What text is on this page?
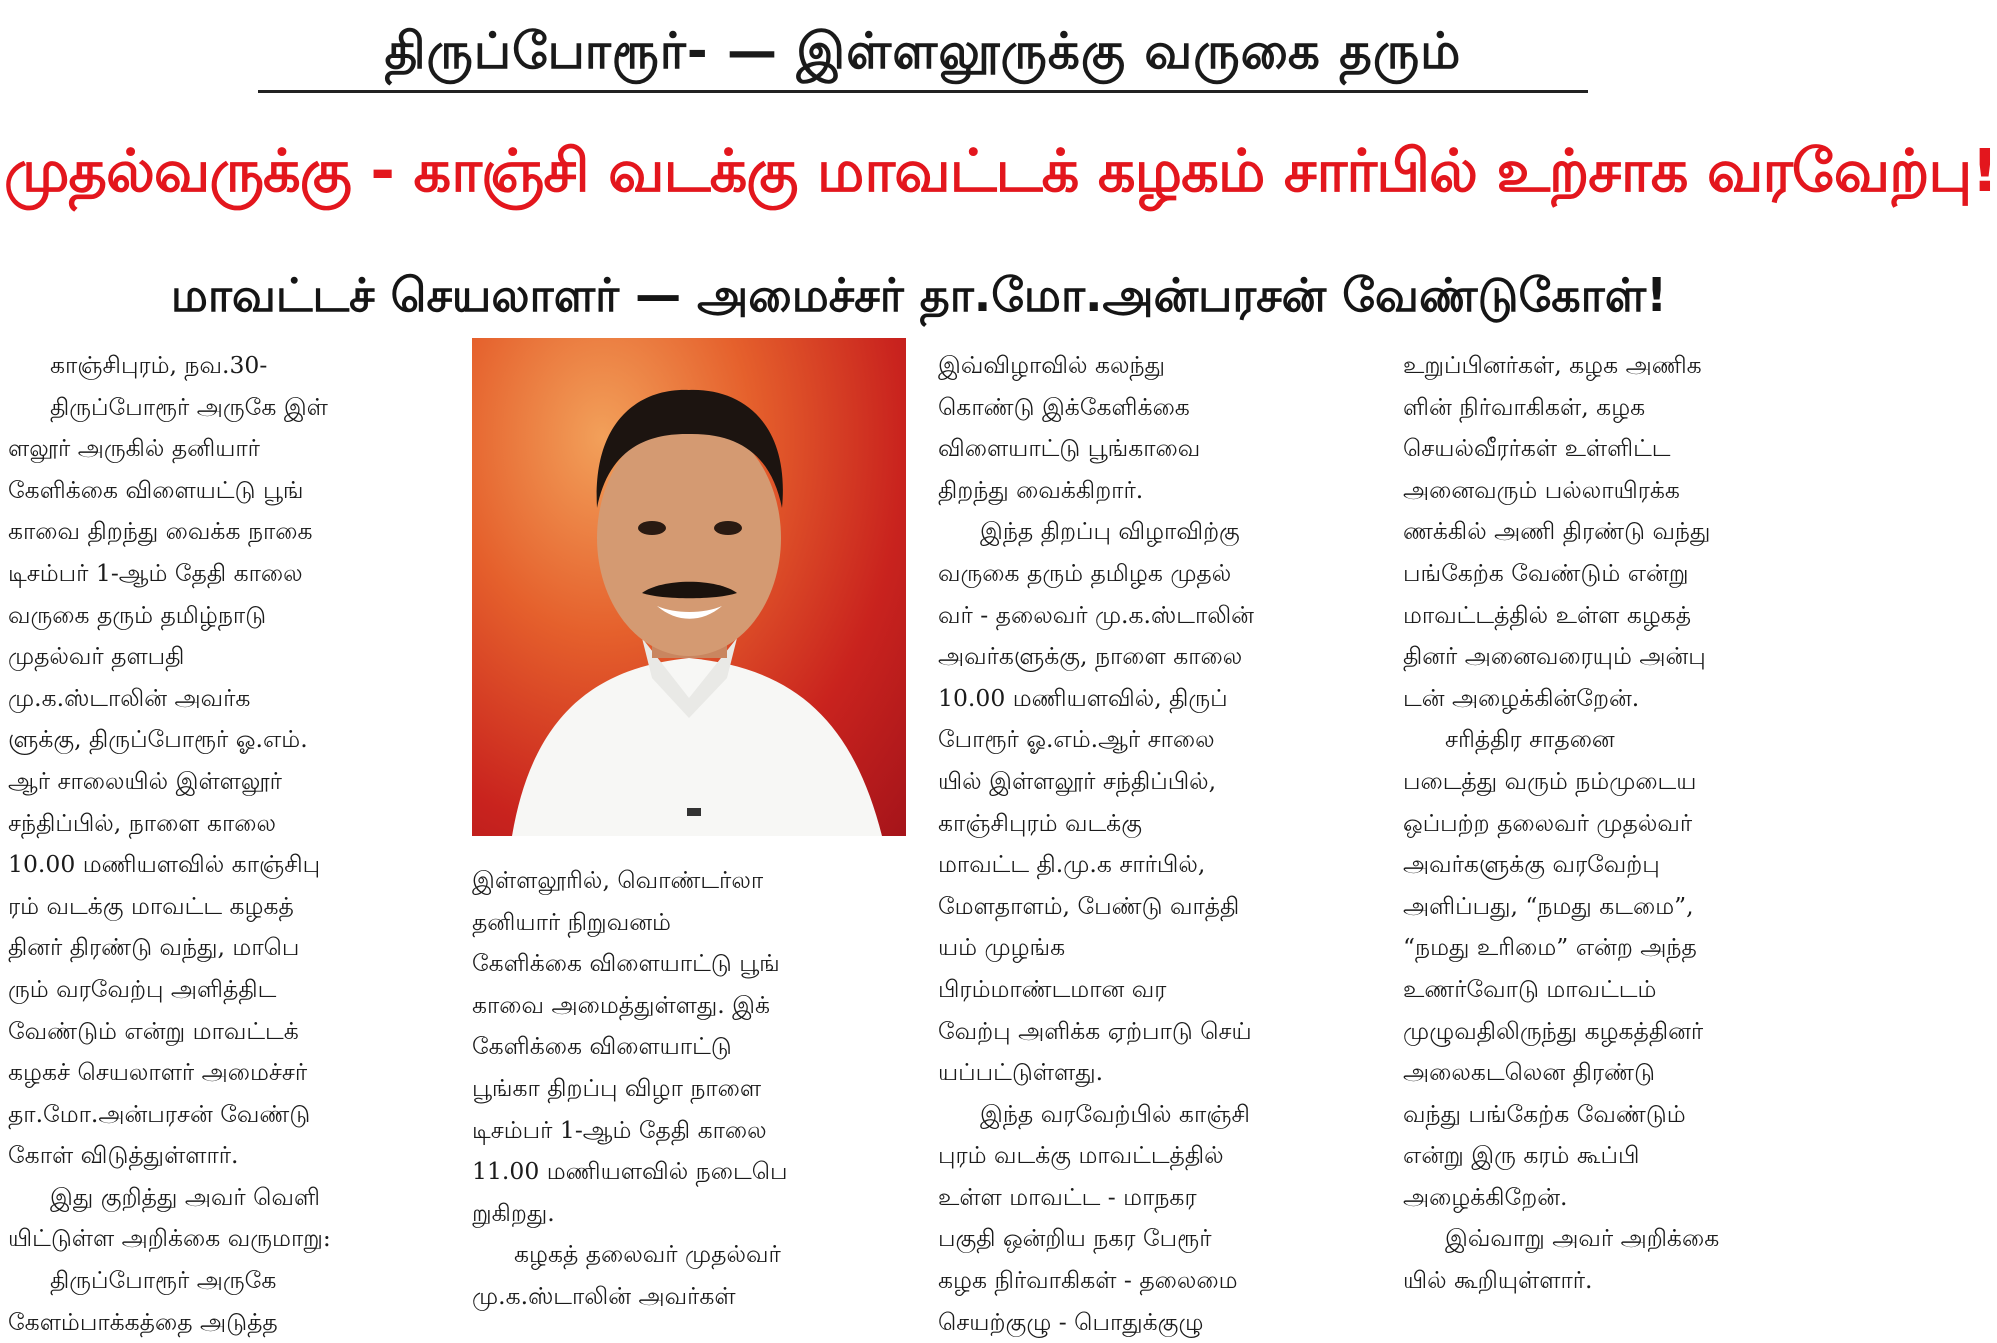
திருப்போரூர்- — இள்ளலூருக்கு வருகை தரும்
முதல்வருக்கு - காஞ்சி வடக்கு மாவட்டக் கழகம் சார்பில் உற்சாக வரவேற்பு!
மாவட்டச் செயலாளர் — அமைச்சர் தா.மோ.அன்பரசன் வேண்டுகோள்!
காஞ்சிபுரம், நவ.30-
திருப்போரூர் அருகே இள்
ளலூர் அருகில் தனியார்
கேளிக்கை விளையட்டு பூங்
காவை திறந்து வைக்க நாகை
டிசம்பர் 1-ஆம் தேதி காலை
வருகை தரும் தமிழ்நாடு
முதல்வர் தளபதி
மு.க.ஸ்டாலின் அவர்க
ளுக்கு, திருப்போரூர் ஓ.எம்.
ஆர் சாலையில் இள்ளலூர்
சந்திப்பில், நாளை காலை
10.00 மணியளவில் காஞ்சிபு
ரம் வடக்கு மாவட்ட கழகத்
தினர் திரண்டு வந்து, மாபெ
ரும் வரவேற்பு அளித்திட
வேண்டும் என்று மாவட்டக்
கழகச் செயலாளர் அமைச்சர்
தா.மோ.அன்பரசன் வேண்டு
கோள் விடுத்துள்ளார்.
இது குறித்து அவர் வெளி
யிட்டுள்ள அறிக்கை வருமாறு:
திருப்போரூர் அருகே
கேளம்பாக்கத்தை அடுத்த
இள்ளலூரில், வொண்டர்லா
தனியார் நிறுவனம்
கேளிக்கை விளையாட்டு பூங்
காவை அமைத்துள்ளது. இக்
கேளிக்கை விளையாட்டு
பூங்கா திறப்பு விழா நாளை
டிசம்பர் 1-ஆம் தேதி காலை
11.00 மணியளவில் நடைபெ
றுகிறது.
கழகத் தலைவர் முதல்வர்
மு.க.ஸ்டாலின் அவர்கள்
இவ்விழாவில் கலந்து
கொண்டு இக்கேளிக்கை
விளையாட்டு பூங்காவை
திறந்து வைக்கிறார்.
இந்த திறப்பு விழாவிற்கு
வருகை தரும் தமிழக முதல்
வர் - தலைவர் மு.க.ஸ்டாலின்
அவர்களுக்கு, நாளை காலை
10.00 மணியளவில், திருப்
போரூர் ஓ.எம்.ஆர் சாலை
யில் இள்ளலூர் சந்திப்பில்,
காஞ்சிபுரம் வடக்கு
மாவட்ட தி.மு.க சார்பில்,
மேளதாளம், பேண்டு வாத்தி
யம் முழங்க
பிரம்மாண்டமான வர
வேற்பு அளிக்க ஏற்பாடு செய்
யப்பட்டுள்ளது.
இந்த வரவேற்பில் காஞ்சி
புரம் வடக்கு மாவட்டத்தில்
உள்ள மாவட்ட - மாநகர
பகுதி ஒன்றிய நகர பேரூர்
கழக நிர்வாகிகள் - தலைமை
செயற்குழு - பொதுக்குழு
உறுப்பினர்கள், கழக அணிக
ளின் நிர்வாகிகள், கழக
செயல்வீரர்கள் உள்ளிட்ட
அனைவரும் பல்லாயிரக்க
ணக்கில் அணி திரண்டு வந்து
பங்கேற்க வேண்டும் என்று
மாவட்டத்தில் உள்ள கழகத்
தினர் அனைவரையும் அன்பு
டன் அழைக்கின்றேன்.
சரித்திர சாதனை
படைத்து வரும் நம்முடைய
ஒப்பற்ற தலைவர் முதல்வர்
அவர்களுக்கு வரவேற்பு
அளிப்பது, “நமது கடமை”,
“நமது உரிமை” என்ற அந்த
உணர்வோடு மாவட்டம்
முழுவதிலிருந்து கழகத்தினர்
அலைகடலென திரண்டு
வந்து பங்கேற்க வேண்டும்
என்று இரு கரம் கூப்பி
அழைக்கிறேன்.
இவ்வாறு அவர் அறிக்கை
யில் கூறியுள்ளார்.
